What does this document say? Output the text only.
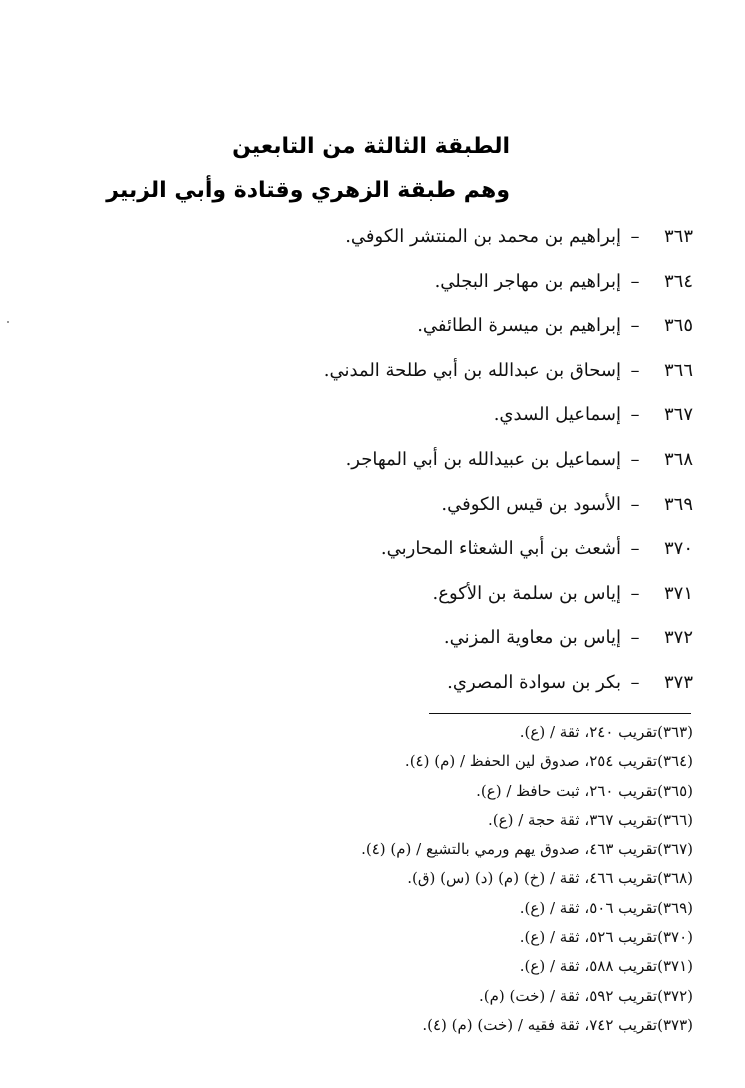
الطبقة الثالثة من التابعين
وهم طبقة الزهري وقتادة وأبي الزبير
٣٦٣
–
إبراهيم بن محمد بن المنتشر الكوفي.
٣٦٤
–
إبراهيم بن مهاجر البجلي.
٣٦٥
–
إبراهيم بن ميسرة الطائفي.
٣٦٦
–
إسحاق بن عبدالله بن أبي طلحة المدني.
٣٦٧
–
إسماعيل السدي.
٣٦٨
–
إسماعيل بن عبيدالله بن أبي المهاجر.
٣٦٩
–
الأسود بن قيس الكوفي.
٣٧٠
–
أشعث بن أبي الشعثاء المحاربي.
٣٧١
–
إياس بن سلمة بن الأكوع.
٣٧٢
–
إياس بن معاوية المزني.
٣٧٣
–
بكر بن سوادة المصري.
(٣٦٣)تقريب ٢٤٠، ثقة / (ع).
(٣٦٤)تقريب ٢٥٤، صدوق لين الحفظ / (م) (٤).
(٣٦٥)تقريب ٢٦٠، ثبت حافظ / (ع).
(٣٦٦)تقريب ٣٦٧، ثقة حجة / (ع).
(٣٦٧)تقريب ٤٦٣، صدوق يهم ورمي بالتشيع / (م) (٤).
(٣٦٨)تقريب ٤٦٦، ثقة / (خ) (م) (د) (س) (ق).
(٣٦٩)تقريب ٥٠٦، ثقة / (ع).
(٣٧٠)تقريب ٥٢٦، ثقة / (ع).
(٣٧١)تقريب ٥٨٨، ثقة / (ع).
(٣٧٢)تقريب ٥٩٢، ثقة / (خت) (م).
(٣٧٣)تقريب ٧٤٢، ثقة فقيه / (خت) (م) (٤).
